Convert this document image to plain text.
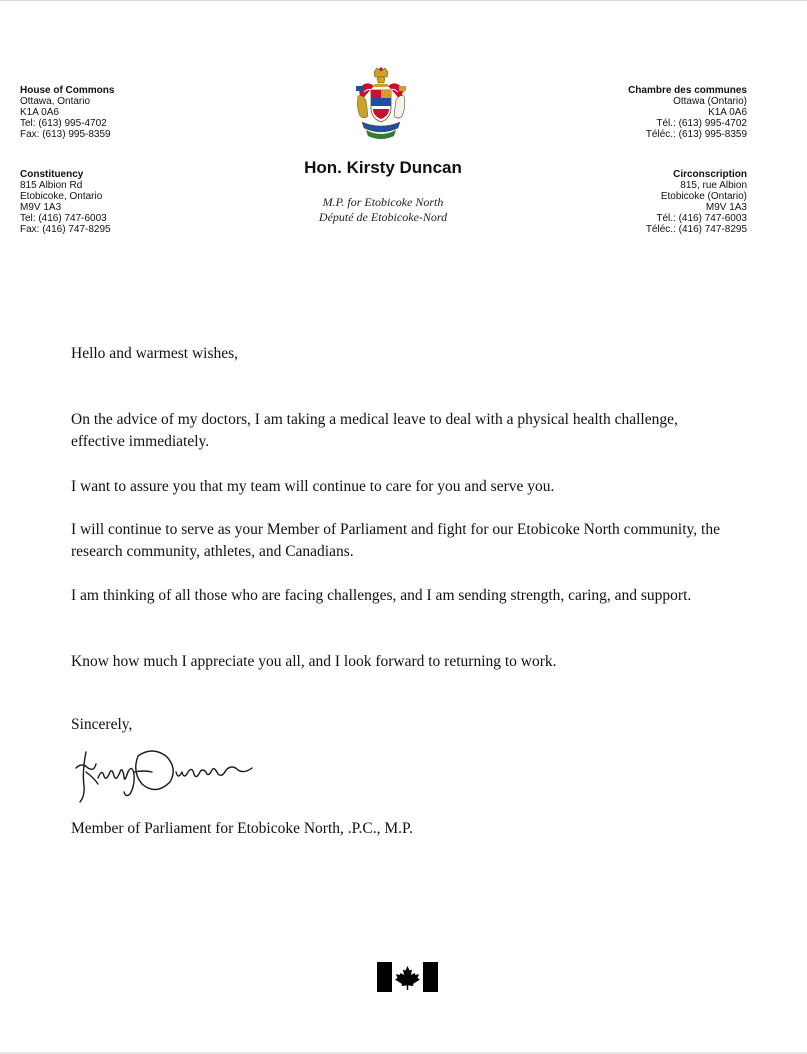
House of Commons
Ottawa, Ontario
K1A 0A6
Tel: (613) 995-4702
Fax: (613) 995-8359
Constituency
815 Albion Rd
Etobicoke, Ontario
M9V 1A3
Tel: (416) 747-6003
Fax: (416) 747-8295
Chambre des communes
Ottawa (Ontario)
K1A 0A6
Tél.: (613) 995-4702
Téléc.: (613) 995-8359
Circonscription
815, rue Albion
Etobicoke (Ontario)
M9V 1A3
Tél.: (416) 747-6003
Téléc.: (416) 747-8295
Hon. Kirsty Duncan
M.P. for Etobicoke North
Député de Etobicoke-Nord
Hello and warmest wishes,
On the advice of my doctors, I am taking a medical leave to deal with a physical health challenge, effective immediately.
I want to assure you that my team will continue to care for you and serve you.
I will continue to serve as your Member of Parliament and fight for our Etobicoke North community, the research community, athletes, and Canadians.
I am thinking of all those who are facing challenges, and I am sending strength, caring, and support.
Know how much I appreciate you all, and I look forward to returning to work.
Sincerely,
Member of Parliament for Etobicoke North, .P.C., M.P.
